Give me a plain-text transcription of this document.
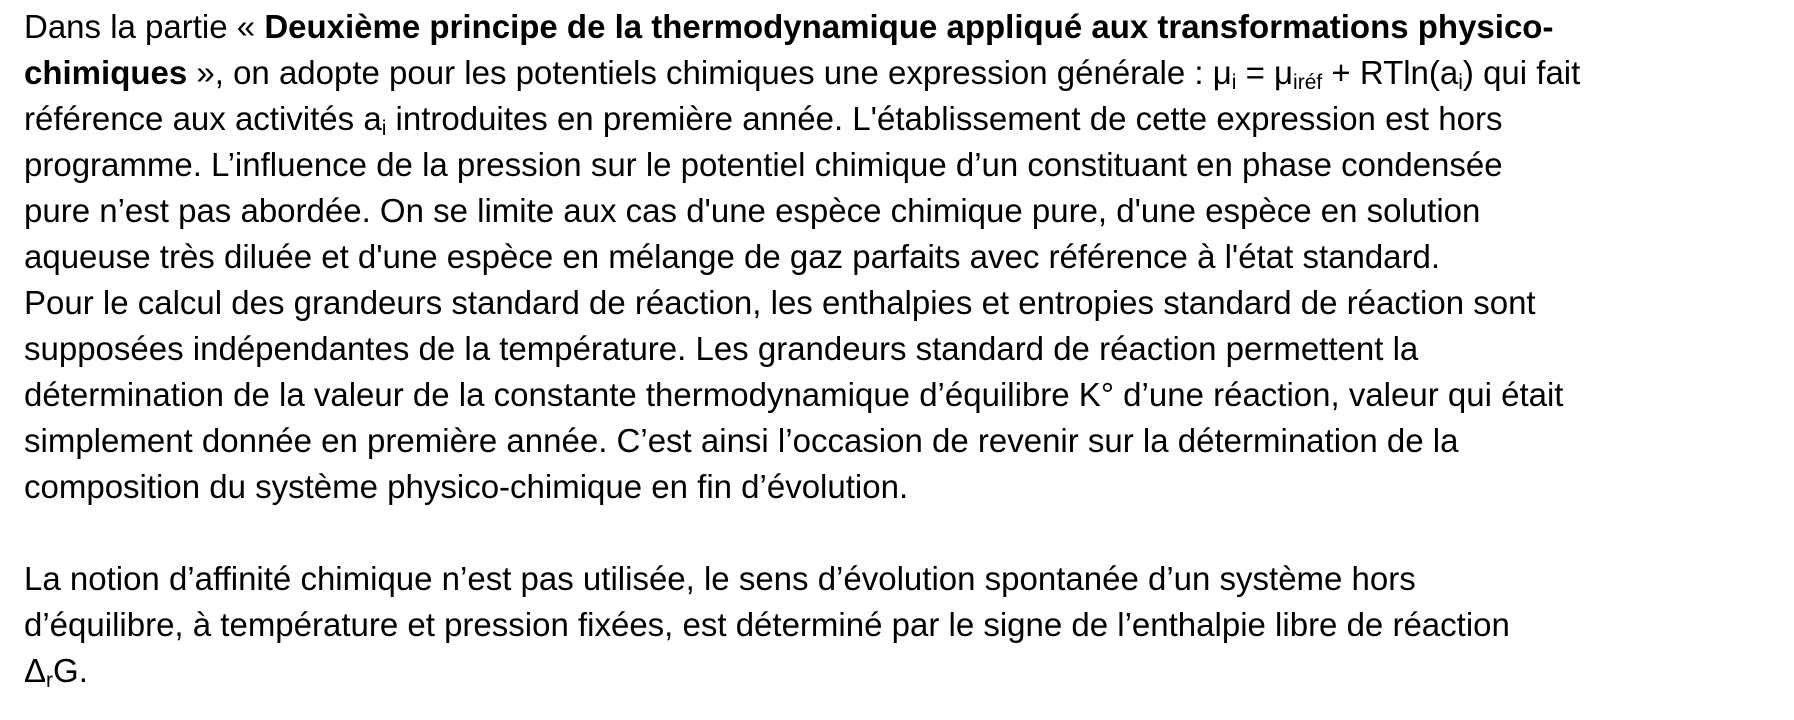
Dans la partie « Deuxième principe de la thermodynamique appliqué aux transformations physico-
chimiques », on adopte pour les potentiels chimiques une expression générale : $\mu_i = \mu_{iréf} + RTln(a_i)$ qui fait
référence aux activités $a_i$ introduites en première année. L'établissement de cette expression est hors
programme. L’influence de la pression sur le potentiel chimique d’un constituant en phase condensée
pure n’est pas abordée. On se limite aux cas d'une espèce chimique pure, d'une espèce en solution
aqueuse très diluée et d'une espèce en mélange de gaz parfaits avec référence à l'état standard.
Pour le calcul des grandeurs standard de réaction, les enthalpies et entropies standard de réaction sont
supposées indépendantes de la température. Les grandeurs standard de réaction permettent la
détermination de la valeur de la constante thermodynamique d’équilibre K° d’une réaction, valeur qui était
simplement donnée en première année. C’est ainsi l’occasion de revenir sur la détermination de la
composition du système physico-chimique en fin d’évolution.

La notion d’affinité chimique n’est pas utilisée, le sens d’évolution spontanée d’un système hors
d’équilibre, à température et pression fixées, est déterminé par le signe de l’enthalpie libre de réaction
$\Delta_rG$.
